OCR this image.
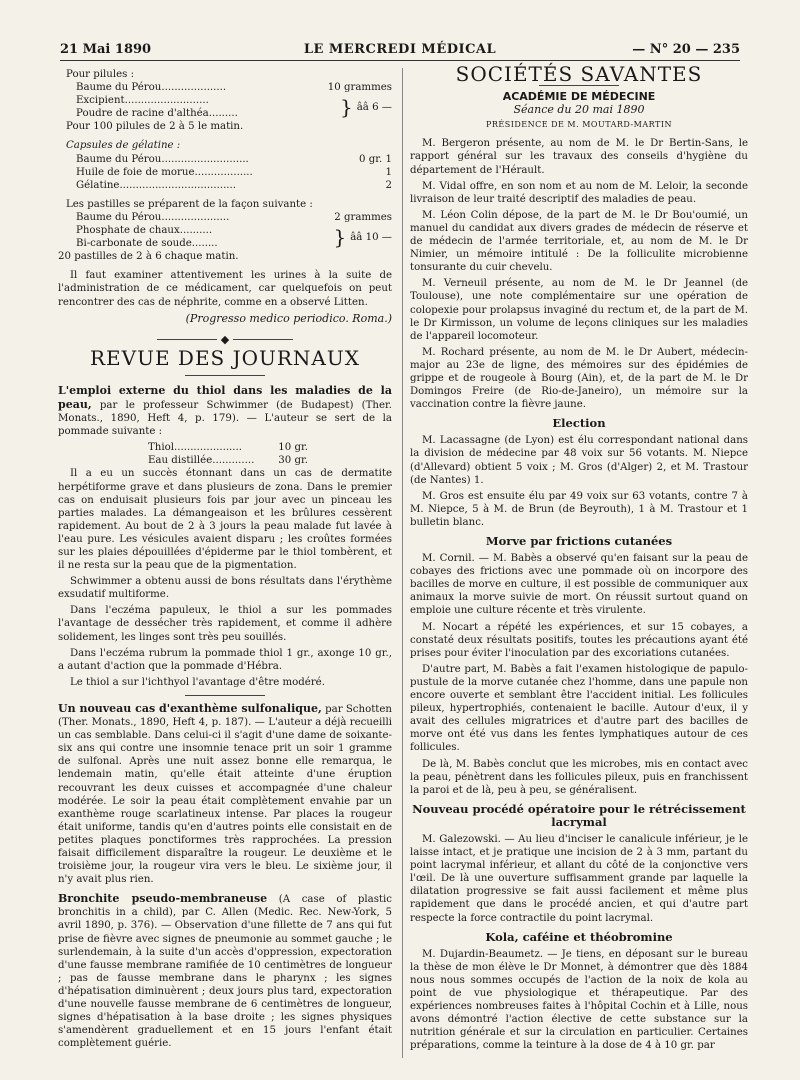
21 Mai 1890	LE MERCREDI MÉDICAL	— N° 20 — 235
Pour pilules :
Baume du Pérou....................	10 grammes
Excipient..........................
Poudre de racine d'althéa.........	} ââ 6 —
Pour 100 pilules de 2 à 5 le matin.
Capsules de gélatine :
Baume du Pérou...........................	0 gr. 1
Huile de foie de morue..................	1
Gélatine....................................	2
Les pastilles se préparent de la façon suivante :
Baume du Pérou.....................	2 grammes
Phosphate de chaux..........
Bi-carbonate de soude........	} ââ 10 —
20 pastilles de 2 à 6 chaque matin.

Il faut examiner attentivement les urines à la suite de l'administration de ce médicament, car quelquefois on peut rencontrer des cas de néphrite, comme en a observé Litten.

(Progresso medico periodico. Roma.)
◆
REVUE DES JOURNAUX

L'emploi externe du thiol dans les maladies de la peau, par le professeur Schwimmer (de Budapest) (Ther. Monats., 1890, Heft 4, p. 179). — L'auteur se sert de la pommade suivante :

Thiol.....................	10 gr.
Eau distillée............. 30 gr.

Il a eu un succès étonnant dans un cas de dermatite herpétiforme grave et dans plusieurs de zona. Dans le premier cas on enduisait plusieurs fois par jour avec un pinceau les parties malades. La démangeaison et les brûlures cessèrent rapidement. Au bout de 2 à 3 jours la peau malade fut lavée à l'eau pure. Les vésicules avaient disparu ; les croûtes formées sur les plaies dépouillées d'épiderme par le thiol tombèrent, et il ne resta sur la peau que de la pigmentation.

Schwimmer a obtenu aussi de bons résultats dans l'érythème exsudatif multiforme.

Dans l'eczéma papuleux, le thiol a sur les pommades l'avantage de dessécher très rapidement, et comme il adhère solidement, les linges sont très peu souillés.

Dans l'eczéma rubrum la pommade thiol 1 gr., axonge 10 gr., a autant d'action que la pommade d'Hébra.

Le thiol a sur l'ichthyol l'avantage d'être modéré.

Un nouveau cas d'exanthème sulfonalique, par Schotten (Ther. Monats., 1890, Heft 4, p. 187). — L'auteur a déjà recueilli un cas semblable. Dans celui-ci il s'agit d'une dame de soixante-six ans qui contre une insomnie tenace prit un soir 1 gramme de sulfonal. Après une nuit assez bonne elle remarqua, le lendemain matin, qu'elle était atteinte d'une éruption recouvrant les deux cuisses et accompagnée d'une chaleur modérée. Le soir la peau était complètement envahie par un exanthème rouge scarlatineux intense. Par places la rougeur était uniforme, tandis qu'en d'autres points elle consistait en de petites plaques ponctiformes très rapprochées. La pression faisait difficilement disparaître la rougeur. Le deuxième et le troisième jour, la rougeur vira vers le bleu. Le sixième jour, il n'y avait plus rien.

Bronchite pseudo-membraneuse (A case of plastic bronchitis in a child), par C. Allen (Medic. Rec. New-York, 5 avril 1890, p. 376). — Observation d'une fillette de 7 ans qui fut prise de fièvre avec signes de pneumonie au sommet gauche ; le surlendemain, à la suite d'un accès d'oppression, expectoration d'une fausse membrane ramifiée de 10 centimètres de longueur ; pas de fausse membrane dans le pharynx ; les signes d'hépatisation diminuèrent ; deux jours plus tard, expectoration d'une nouvelle fausse membrane de 6 centimètres de longueur, signes d'hépatisation à la base droite ; les signes physiques s'amendèrent graduellement et en 15 jours l'enfant était complètement guérie.

SOCIÉTÉS SAVANTES
ACADÉMIE DE MÉDECINE
Séance du 20 mai 1890
PRÉSIDENCE DE M. MOUTARD-MARTIN

M. Bergeron présente, au nom de M. le Dr Bertin-Sans, le rapport général sur les travaux des conseils d'hygiène du département de l'Hérault.

M. Vidal offre, en son nom et au nom de M. Leloir, la seconde livraison de leur traité descriptif des maladies de peau.

M. Léon Colin dépose, de la part de M. le Dr Bou'oumié, un manuel du candidat aux divers grades de médecin de réserve et de médecin de l'armée territoriale, et, au nom de M. le Dr Nimier, un mémoire intitulé : De la folliculite microbienne tonsurante du cuir chevelu.

M. Verneuil présente, au nom de M. le Dr Jeannel (de Toulouse), une note complémentaire sur une opération de colopexie pour prolapsus invaginé du rectum et, de la part de M. le Dr Kirmisson, un volume de leçons cliniques sur les maladies de l'appareil locomoteur.

M. Rochard présente, au nom de M. le Dr Aubert, médecin-major au 23e de ligne, des mémoires sur des épidémies de grippe et de rougeole à Bourg (Ain), et, de la part de M. le Dr Domingos Freire (de Rio-de-Janeiro), un mémoire sur la vaccination contre la fièvre jaune.

Election

M. Lacassagne (de Lyon) est élu correspondant national dans la division de médecine par 48 voix sur 56 votants. M. Niepce (d'Allevard) obtient 5 voix ; M. Gros (d'Alger) 2, et M. Trastour (de Nantes) 1.

M. Gros est ensuite élu par 49 voix sur 63 votants, contre 7 à M. Niepce, 5 à M. de Brun (de Beyrouth), 1 à M. Trastour et 1 bulletin blanc.

Morve par frictions cutanées

M. Cornil. — M. Babès a observé qu'en faisant sur la peau de cobayes des frictions avec une pommade où on incorpore des bacilles de morve en culture, il est possible de communiquer aux animaux la morve suivie de mort. On réussit surtout quand on emploie une culture récente et très virulente.

M. Nocart a répété les expériences, et sur 15 cobayes, a constaté deux résultats positifs, toutes les précautions ayant été prises pour éviter l'inoculation par des excoriations cutanées.

D'autre part, M. Babès a fait l'examen histologique de papulo-pustule de la morve cutanée chez l'homme, dans une papule non encore ouverte et semblant être l'accident initial. Les follicules pileux, hypertrophiés, contenaient le bacille. Autour d'eux, il y avait des cellules migratrices et d'autre part des bacilles de morve ont été vus dans les fentes lymphatiques autour de ces follicules.

De là, M. Babès conclut que les microbes, mis en contact avec la peau, pénètrent dans les follicules pileux, puis en franchissent la paroi et de là, peu à peu, se généralisent.

Nouveau procédé opératoire pour le rétrécissement lacrymal

M. Galezowski. — Au lieu d'inciser le canalicule inférieur, je le laisse intact, et je pratique une incision de 2 à 3 mm, partant du point lacrymal inférieur, et allant du côté de la conjonctive vers l'œil. De là une ouverture suffisamment grande par laquelle la dilatation progressive se fait aussi facilement et même plus rapidement que dans le procédé ancien, et qui d'autre part respecte la force contractile du point lacrymal.

Kola, caféine et théobromine

M. Dujardin-Beaumetz. — Je tiens, en déposant sur le bureau la thèse de mon élève le Dr Monnet, à démontrer que dès 1884 nous nous sommes occupés de l'action de la noix de kola au point de vue physiologique et thérapeutique. Par des expériences nombreuses faites à l'hôpital Cochin et à Lille, nous avons démontré l'action élective de cette substance sur la nutrition générale et sur la circulation en particulier. Certaines préparations, comme la teinture à la dose de 4 à 10 gr. par
